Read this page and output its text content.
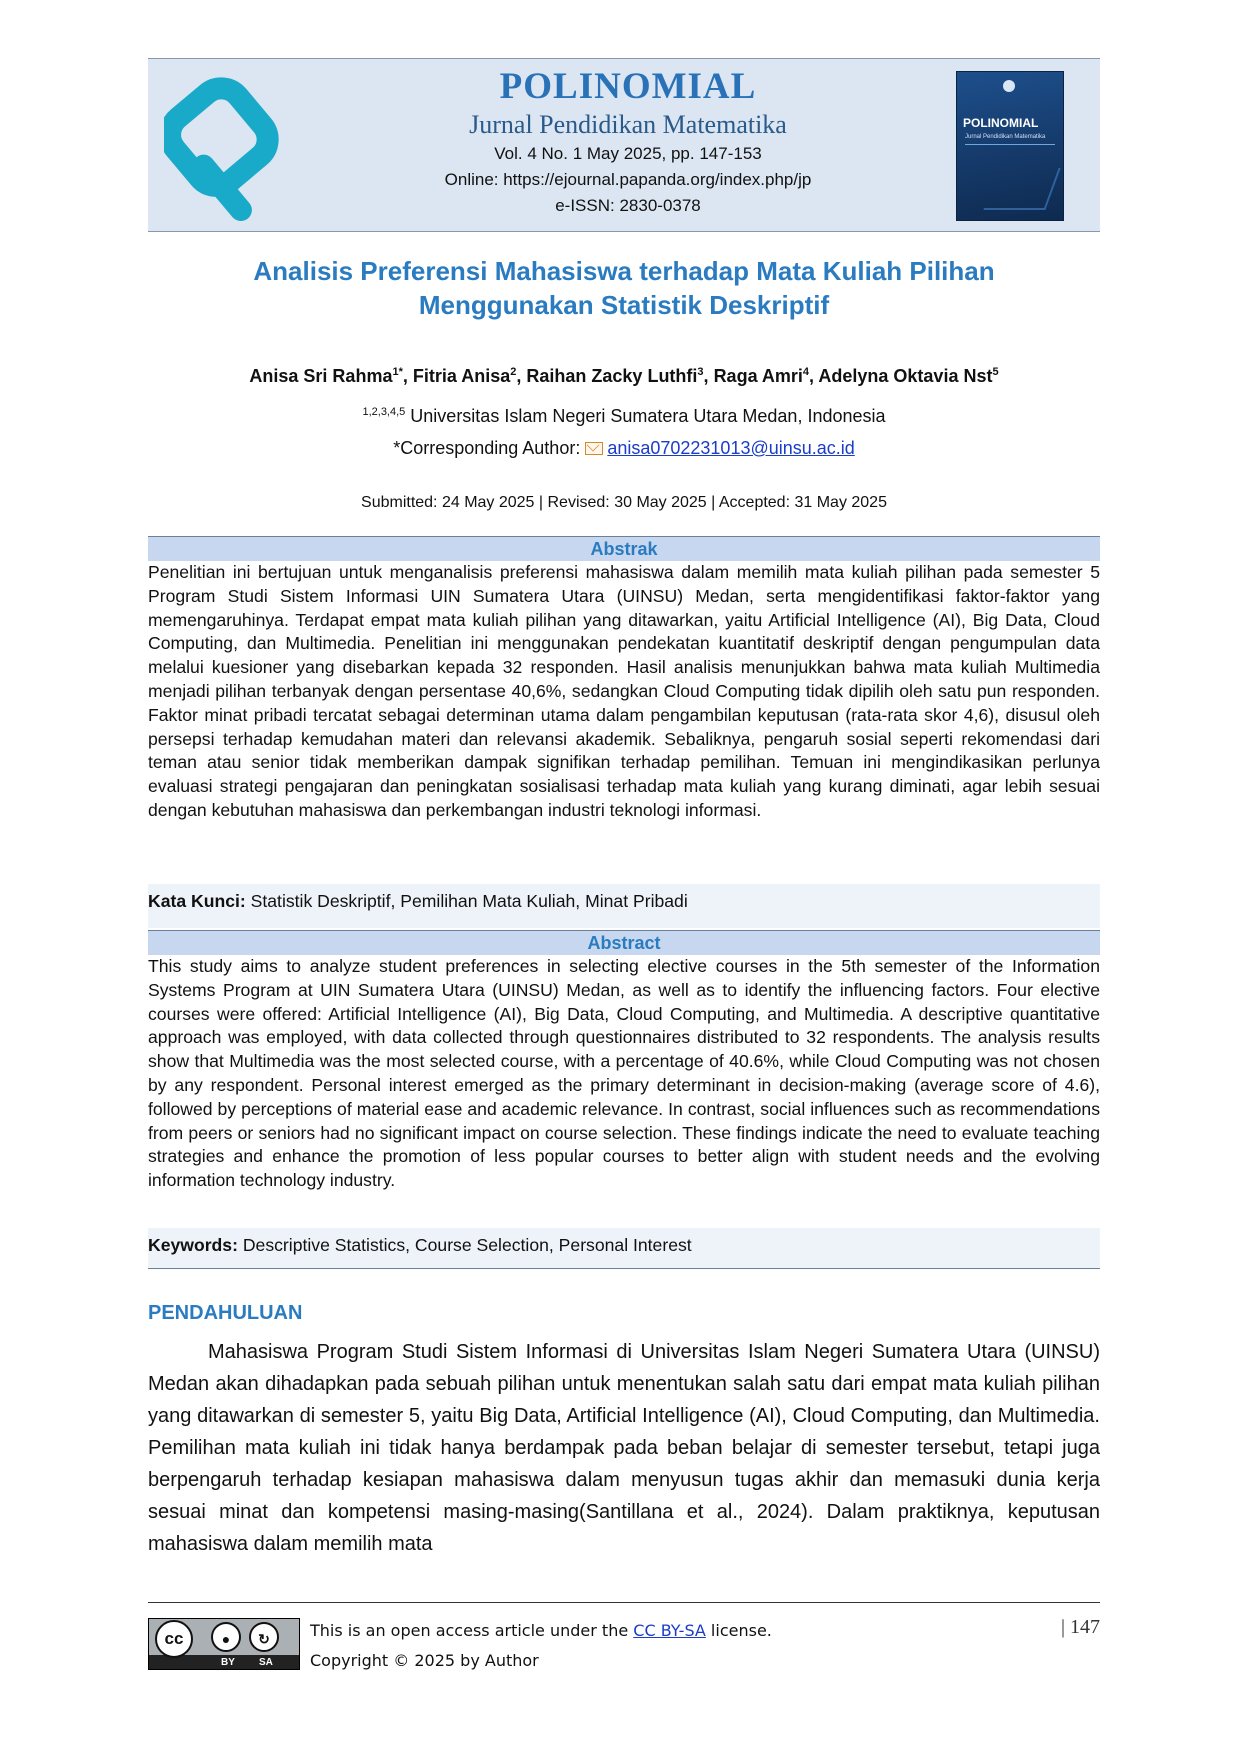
POLINOMIAL
Jurnal Pendidikan Matematika
Vol. 4 No. 1 May 2025, pp. 147-153
Online: https://ejournal.papanda.org/index.php/jp
e-ISSN: 2830-0378
POLINOMIAL
Jurnal Pendidikan Matematika
Analisis Preferensi Mahasiswa terhadap Mata Kuliah Pilihan
Menggunakan Statistik Deskriptif
Anisa Sri Rahma$^{1*}$, Fitria Anisa$^2$, Raihan Zacky Luthfi$^3$, Raga Amri$^4$, Adelyna Oktavia Nst$^5$
$^{1,2,3,4,5}$ Universitas Islam Negeri Sumatera Utara Medan, Indonesia
*Corresponding Author: anisa0702231013@uinsu.ac.id
Submitted: 24 May 2025 | Revised: 30 May 2025 | Accepted: 31 May 2025
Abstrak
Penelitian ini bertujuan untuk menganalisis preferensi mahasiswa dalam memilih mata kuliah pilihan pada semester 5 Program Studi Sistem Informasi UIN Sumatera Utara (UINSU) Medan, serta mengidentifikasi faktor-faktor yang memengaruhinya. Terdapat empat mata kuliah pilihan yang ditawarkan, yaitu Artificial Intelligence (AI), Big Data, Cloud Computing, dan Multimedia. Penelitian ini menggunakan pendekatan kuantitatif deskriptif dengan pengumpulan data melalui kuesioner yang disebarkan kepada 32 responden. Hasil analisis menunjukkan bahwa mata kuliah Multimedia menjadi pilihan terbanyak dengan persentase 40,6%, sedangkan Cloud Computing tidak dipilih oleh satu pun responden. Faktor minat pribadi tercatat sebagai determinan utama dalam pengambilan keputusan (rata-rata skor 4,6), disusul oleh persepsi terhadap kemudahan materi dan relevansi akademik. Sebaliknya, pengaruh sosial seperti rekomendasi dari teman atau senior tidak memberikan dampak signifikan terhadap pemilihan. Temuan ini mengindikasikan perlunya evaluasi strategi pengajaran dan peningkatan sosialisasi terhadap mata kuliah yang kurang diminati, agar lebih sesuai dengan kebutuhan mahasiswa dan perkembangan industri teknologi informasi.
Kata Kunci: Statistik Deskriptif, Pemilihan Mata Kuliah, Minat Pribadi
Abstract
This study aims to analyze student preferences in selecting elective courses in the 5th semester of the Information Systems Program at UIN Sumatera Utara (UINSU) Medan, as well as to identify the influencing factors. Four elective courses were offered: Artificial Intelligence (AI), Big Data, Cloud Computing, and Multimedia. A descriptive quantitative approach was employed, with data collected through questionnaires distributed to 32 respondents. The analysis results show that Multimedia was the most selected course, with a percentage of 40.6%, while Cloud Computing was not chosen by any respondent. Personal interest emerged as the primary determinant in decision-making (average score of 4.6), followed by perceptions of material ease and academic relevance. In contrast, social influences such as recommendations from peers or seniors had no significant impact on course selection. These findings indicate the need to evaluate teaching strategies and enhance the promotion of less popular courses to better align with student needs and the evolving information technology industry.
Keywords: Descriptive Statistics, Course Selection, Personal Interest
PENDAHULUAN
Mahasiswa Program Studi Sistem Informasi di Universitas Islam Negeri Sumatera Utara (UINSU) Medan akan dihadapkan pada sebuah pilihan untuk menentukan salah satu dari empat mata kuliah pilihan yang ditawarkan di semester 5, yaitu Big Data, Artificial Intelligence (AI), Cloud Computing, dan Multimedia. Pemilihan mata kuliah ini tidak hanya berdampak pada beban belajar di semester tersebut, tetapi juga berpengaruh terhadap kesiapan mahasiswa dalam menyusun tugas akhir dan memasuki dunia kerja sesuai minat dan kompetensi masing-masing(Santillana et al., 2024). Dalam praktiknya, keputusan mahasiswa dalam memilih mata
cc	●	↻
BY SA
This is an open access article under the CC BY-SA license.
Copyright © 2025 by Author
| 147
